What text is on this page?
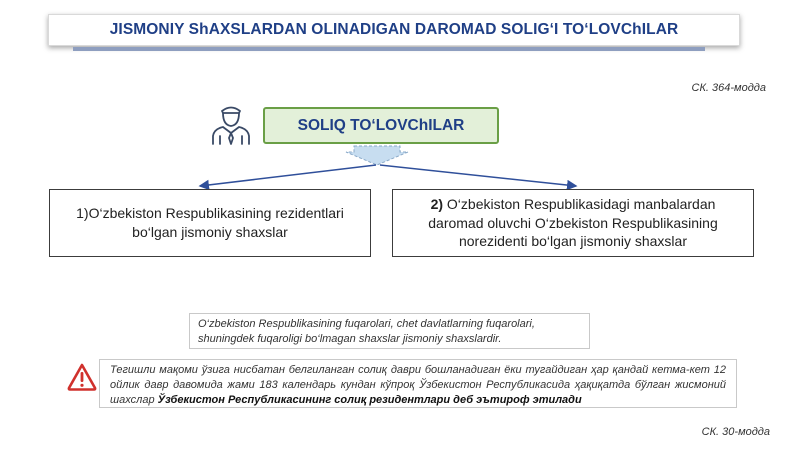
JISMONIY ShAXSLARDAN OLINADIGAN DAROMAD SOLIG‘I TO‘LOVChILAR
СК. 364-модда
SOLIQ TO‘LOVChILAR
1)O‘zbekiston Respublikasining rezidentlari bo‘lgan jismoniy shaxslar
2) O‘zbekiston Respublikasidagi manbalardan daromad oluvchi O‘zbekiston Respublikasining norezidenti bo‘lgan jismoniy shaxslar
O‘zbekiston Respublikasining fuqarolari, chet davlatlarning fuqarolari, shuningdek fuqaroligi bo‘lmagan shaxslar jismoniy shaxslardir.
Тегишли мақоми ўзига нисбатан белгиланган солиқ даври бошланадиган ёки тугайдиган ҳар қандай кетма-кет 12 ойлик давр давомида жами 183 календарь кундан кўпроқ Ўзбекистон Республикасида ҳақиқатда бўлган жисмоний шахслар Ўзбекистон Республикасининг солиқ резидентлари деб эътироф этилади
СК. 30-модда
